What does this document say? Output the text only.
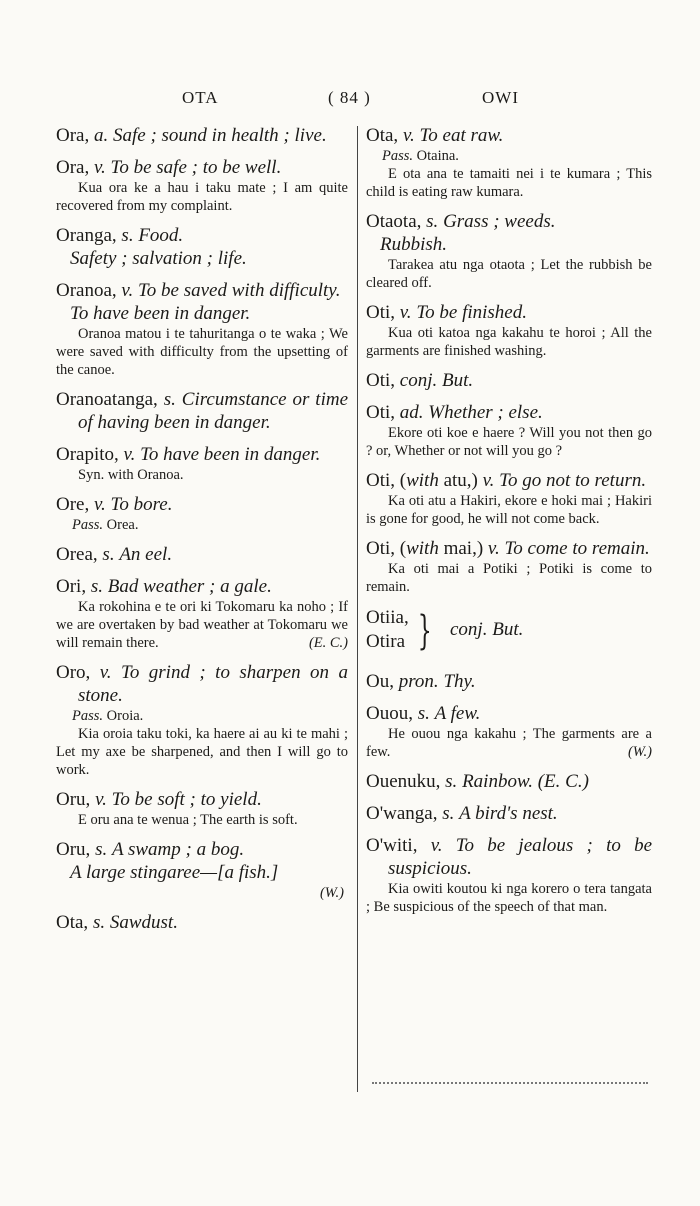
OTA	( 84 )	OWI
Ora, a. Safe ; sound in health ; live.
Ora, v. To be safe ; to be well.

Kua ora ke a hau i taku mate ; I am quite recovered from my complaint.

Oranga, s. Food.
Safety ; salvation ; life.
Oranoa, v. To be saved with difficulty.
To have been in danger.

Oranoa matou i te tahuritanga o te waka ; We were saved with difficulty from the upsetting of the canoe.

Oranoatanga, s. Circumstance or time of having been in danger.
Orapito, v. To have been in danger.

Syn. with Oranoa.

Ore, v. To bore.
Pass. Orea.
Orea, s. An eel.
Ori, s. Bad weather ; a gale.

Ka rokohina e te ori ki Tokomaru ka noho ; If we are overtaken by bad weather at Tokomaru we will remain there.	(E. C.)

Oro, v. To grind ; to sharpen on a stone.
Pass. Oroia.

Kia oroia taku toki, ka haere ai au ki te mahi ; Let my axe be sharpened, and then I will go to work.

Oru, v. To be soft ; to yield.

E oru ana te wenua ; The earth is soft.

Oru, s. A swamp ; a bog.
A large stingaree—[a fish.]
(W.)
Ota, s. Sawdust.
Ota, v. To eat raw.
Pass. Otaina.

E ota ana te tamaiti nei i te kumara ; This child is eating raw kumara.

Otaota, s. Grass ; weeds.
Rubbish.

Tarakea atu nga otaota ; Let the rubbish be cleared off.

Oti, v. To be finished.

Kua oti katoa nga kakahu te horoi ; All the garments are finished washing.

Oti, conj. But.
Oti, ad. Whether ; else.

Ekore oti koe e haere ? Will you not then go ? or, Whether or not will you go ?

Oti, (with atu,) v. To go not to return.

Ka oti atu a Hakiri, ekore e hoki mai ; Hakiri is gone for good, he will not come back.

Oti, (with mai,) v. To come to remain.

Ka oti mai a Potiki ; Potiki is come to remain.

Otiia,
Otira } conj. But.
Ou, pron. Thy.
Ouou, s. A few.

He ouou nga kakahu ; The garments are a few.	(W.)

Ouenuku, s. Rainbow. (E. C.)
O'wanga, s. A bird's nest.
O'witi, v. To be jealous ; to be suspicious.

Kia owiti koutou ki nga korero o tera tangata ; Be suspicious of the speech of that man.
